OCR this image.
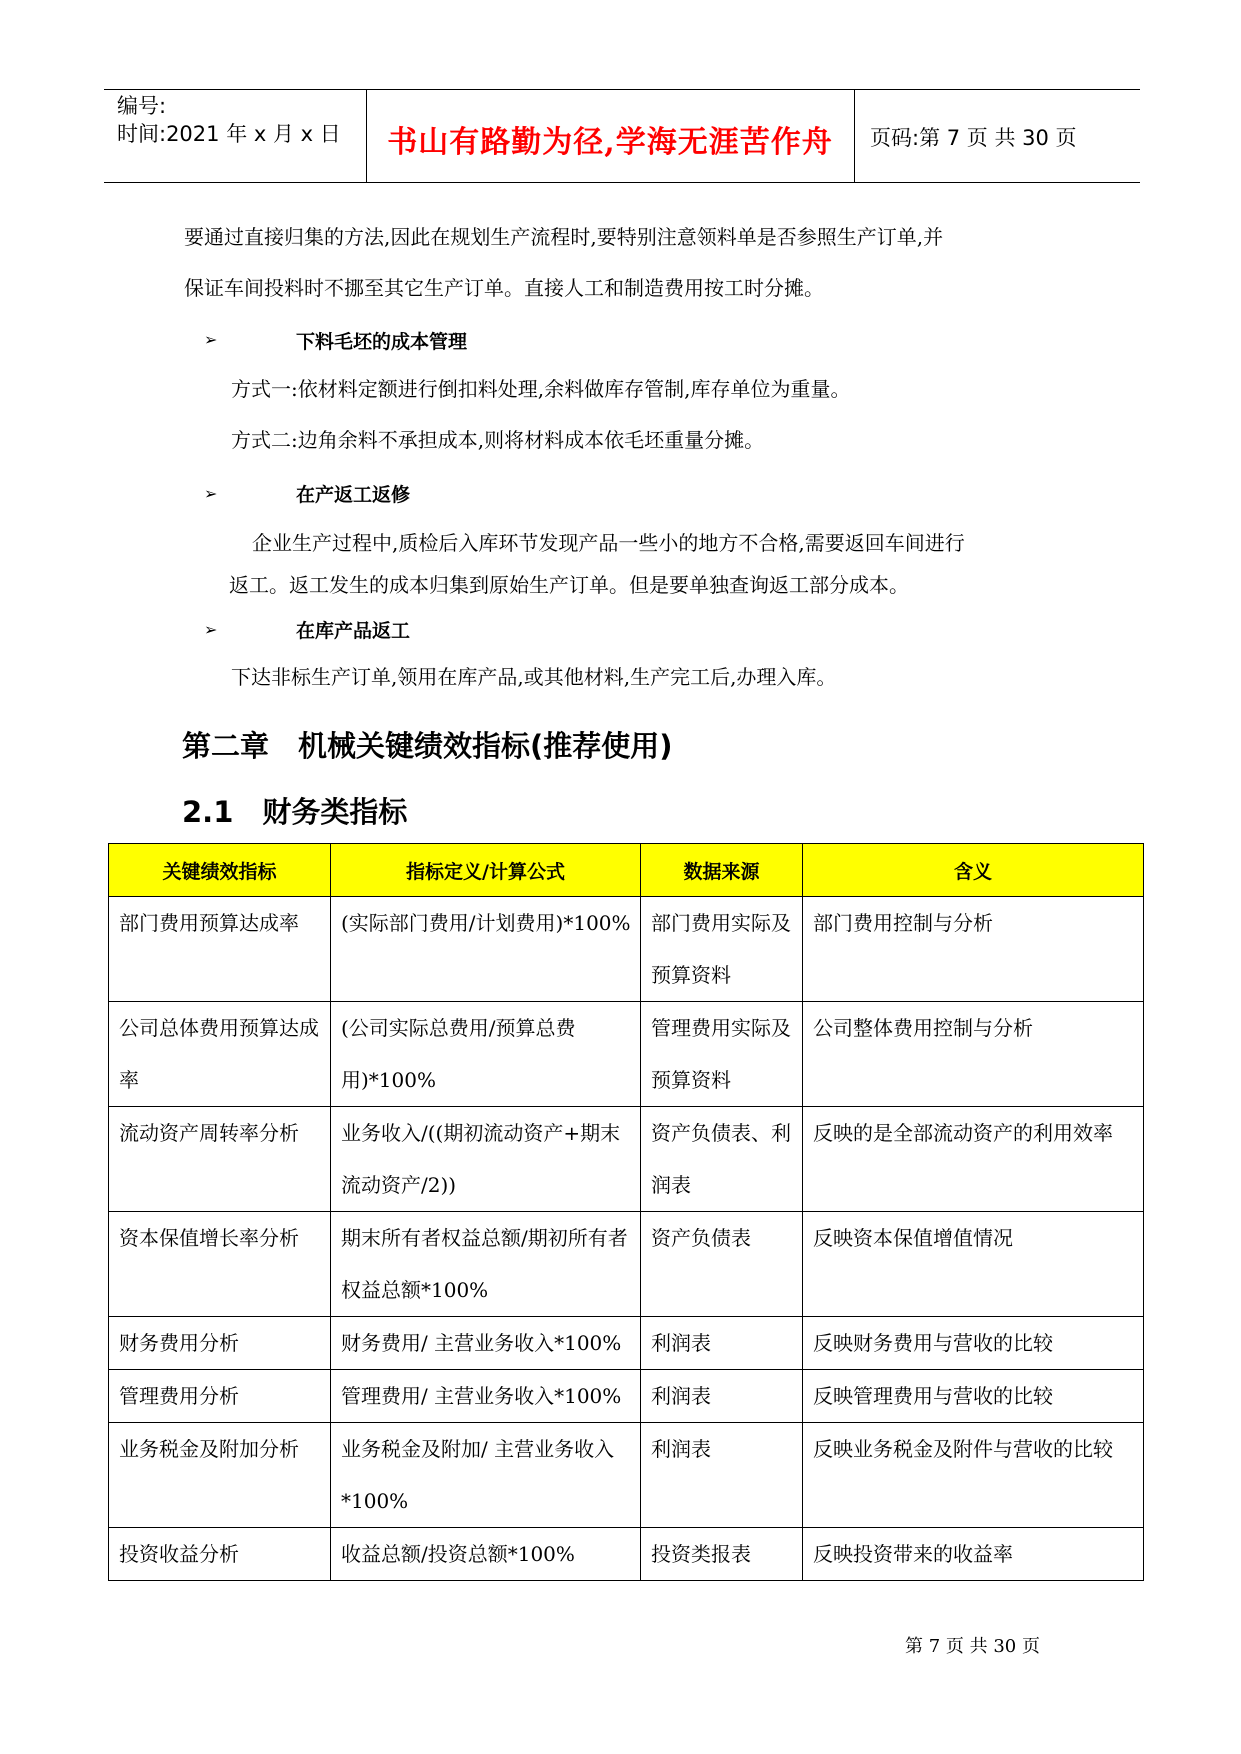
编号:
时间:2021 年 x 月 x 日	书山有路勤为径,学海无涯苦作舟	页码:第 7 页 共 30 页
要通过直接归集的方法,因此在规划生产流程时,要特别注意领料单是否参照生产订单,并
保证车间投料时不挪至其它生产订单。直接人工和制造费用按工时分摊。
➢	下料毛坯的成本管理
方式一:依材料定额进行倒扣料处理,余料做库存管制,库存单位为重量。
方式二:边角余料不承担成本,则将材料成本依毛坯重量分摊。
➢	在产返工返修
企业生产过程中,质检后入库环节发现产品一些小的地方不合格,需要返回车间进行
返工。返工发生的成本归集到原始生产订单。但是要单独查询返工部分成本。
➢	在库产品返工
下达非标生产订单,领用在库产品,或其他材料,生产完工后,办理入库。
第二章　机械关键绩效指标(推荐使用)
2.1　财务类指标
关键绩效指标	指标定义/计算公式	数据来源	含义
部门费用预算达成率	(实际部门费用/计划费用)*100%	部门费用实际及预算资料	部门费用控制与分析
公司总体费用预算达成率	(公司实际总费用/预算总费用)*100%	管理费用实际及预算资料	公司整体费用控制与分析
流动资产周转率分析	业务收入/((期初流动资产+期末流动资产/2))	资产负债表、利润表	反映的是全部流动资产的利用效率
资本保值增长率分析	期末所有者权益总额/期初所有者权益总额*100%	资产负债表	反映资本保值增值情况
财务费用分析	财务费用/ 主营业务收入*100%	利润表	反映财务费用与营收的比较
管理费用分析	管理费用/ 主营业务收入*100%	利润表	反映管理费用与营收的比较
业务税金及附加分析	业务税金及附加/ 主营业务收入*100%	利润表	反映业务税金及附件与营收的比较
投资收益分析	收益总额/投资总额*100%	投资类报表	反映投资带来的收益率
第 7 页 共 30 页
